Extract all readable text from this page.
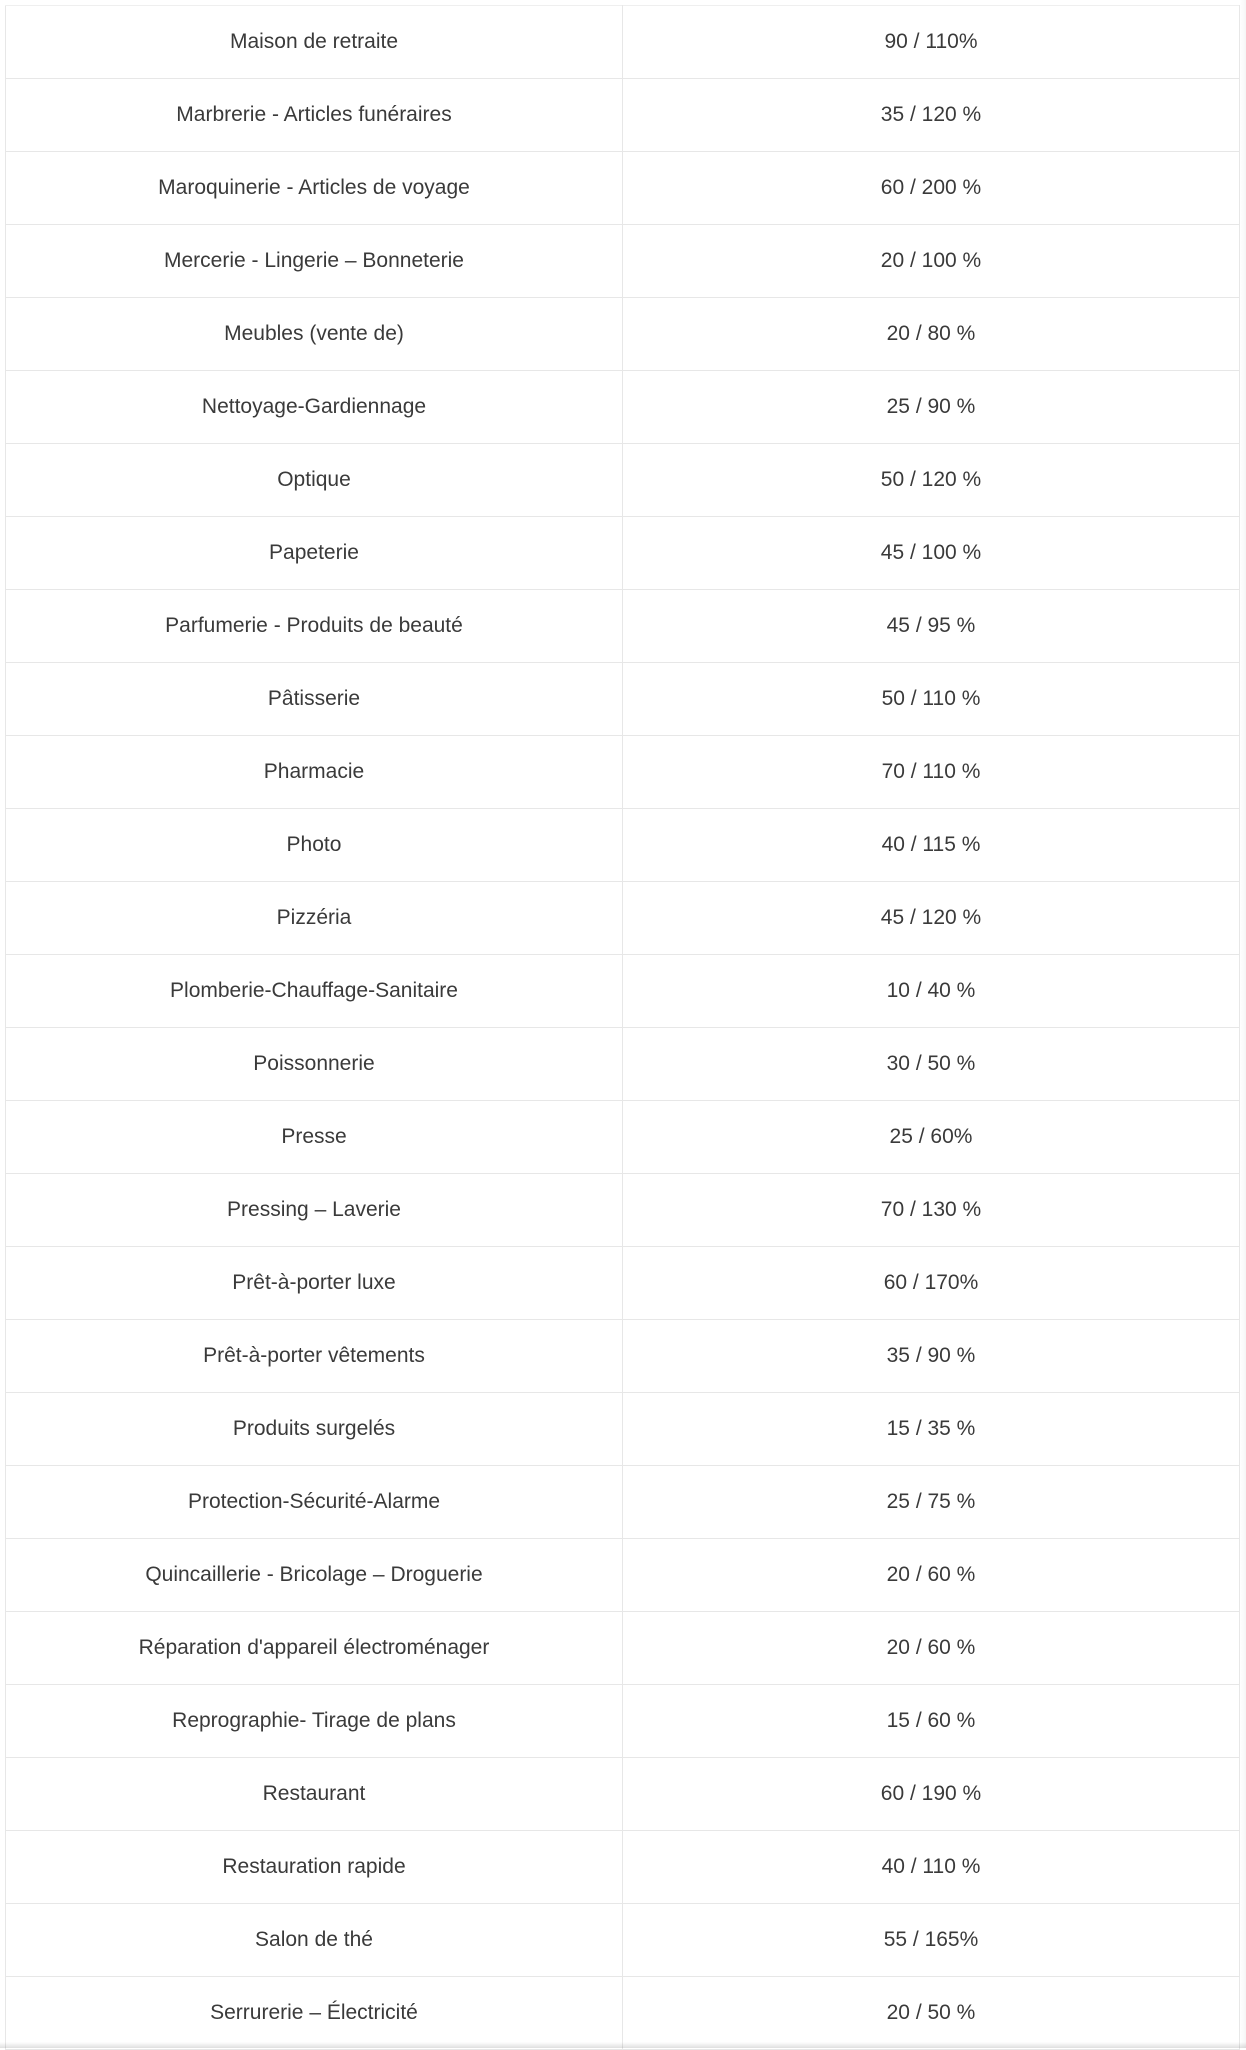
Maison de retraite	90 / 110%
Marbrerie - Articles funéraires	35 / 120 %
Maroquinerie - Articles de voyage	60 / 200 %
Mercerie - Lingerie – Bonneterie	20 / 100 %
Meubles (vente de)	20 / 80 %
Nettoyage-Gardiennage	25 / 90 %
Optique	50 / 120 %
Papeterie	45 / 100 %
Parfumerie - Produits de beauté	45 / 95 %
Pâtisserie	50 / 110 %
Pharmacie	70 / 110 %
Photo	40 / 115 %
Pizzéria	45 / 120 %
Plomberie-Chauffage-Sanitaire	10 / 40 %
Poissonnerie	30 / 50 %
Presse	25 / 60%
Pressing – Laverie	70 / 130 %
Prêt-à-porter luxe	60 / 170%
Prêt-à-porter vêtements	35 / 90 %
Produits surgelés	15 / 35 %
Protection-Sécurité-Alarme	25 / 75 %
Quincaillerie - Bricolage – Droguerie	20 / 60 %
Réparation d'appareil électroménager	20 / 60 %
Reprographie- Tirage de plans	15 / 60 %
Restaurant	60 / 190 %
Restauration rapide	40 / 110 %
Salon de thé	55 / 165%
Serrurerie – Électricité	20 / 50 %
